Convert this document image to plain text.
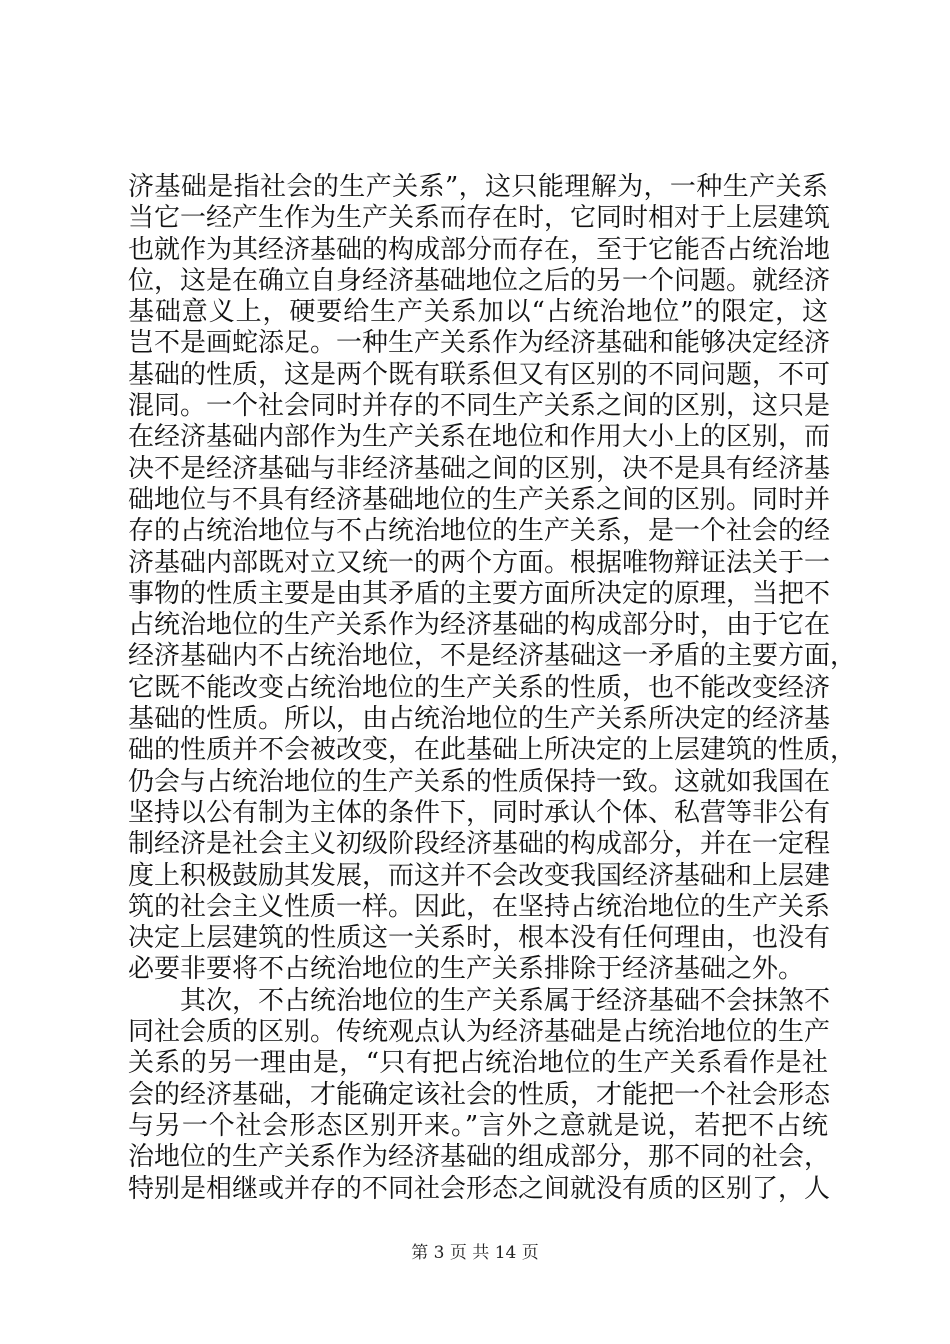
济基础是指社会的生产关系”，这只能理解为，一种生产关系
当它一经产生作为生产关系而存在时，它同时相对于上层建筑
也就作为其经济基础的构成部分而存在，至于它能否占统治地
位，这是在确立自身经济基础地位之后的另一个问题。就经济
基础意义上，硬要给生产关系加以“占统治地位”的限定，这
岂不是画蛇添足。一种生产关系作为经济基础和能够决定经济
基础的性质，这是两个既有联系但又有区别的不同问题，不可
混同。一个社会同时并存的不同生产关系之间的区别，这只是
在经济基础内部作为生产关系在地位和作用大小上的区别，而
决不是经济基础与非经济基础之间的区别，决不是具有经济基
础地位与不具有经济基础地位的生产关系之间的区别。同时并
存的占统治地位与不占统治地位的生产关系，是一个社会的经
济基础内部既对立又统一的两个方面。根据唯物辩证法关于一
事物的性质主要是由其矛盾的主要方面所决定的原理，当把不
占统治地位的生产关系作为经济基础的构成部分时，由于它在
经济基础内不占统治地位，不是经济基础这一矛盾的主要方面，
它既不能改变占统治地位的生产关系的性质，也不能改变经济
基础的性质。所以，由占统治地位的生产关系所决定的经济基
础的性质并不会被改变，在此基础上所决定的上层建筑的性质，
仍会与占统治地位的生产关系的性质保持一致。这就如我国在
坚持以公有制为主体的条件下，同时承认个体、私营等非公有
制经济是社会主义初级阶段经济基础的构成部分，并在一定程
度上积极鼓励其发展，而这并不会改变我国经济基础和上层建
筑的社会主义性质一样。因此，在坚持占统治地位的生产关系
决定上层建筑的性质这一关系时，根本没有任何理由，也没有
必要非要将不占统治地位的生产关系排除于经济基础之外。
其次，不占统治地位的生产关系属于经济基础不会抹煞不
同社会质的区别。传统观点认为经济基础是占统治地位的生产
关系的另一理由是，“只有把占统治地位的生产关系看作是社
会的经济基础，才能确定该社会的性质，才能把一个社会形态
与另一个社会形态区别开来。”言外之意就是说，若把不占统
治地位的生产关系作为经济基础的组成部分，那不同的社会，
特别是相继或并存的不同社会形态之间就没有质的区别了，人
第 3 页 共 14 页
